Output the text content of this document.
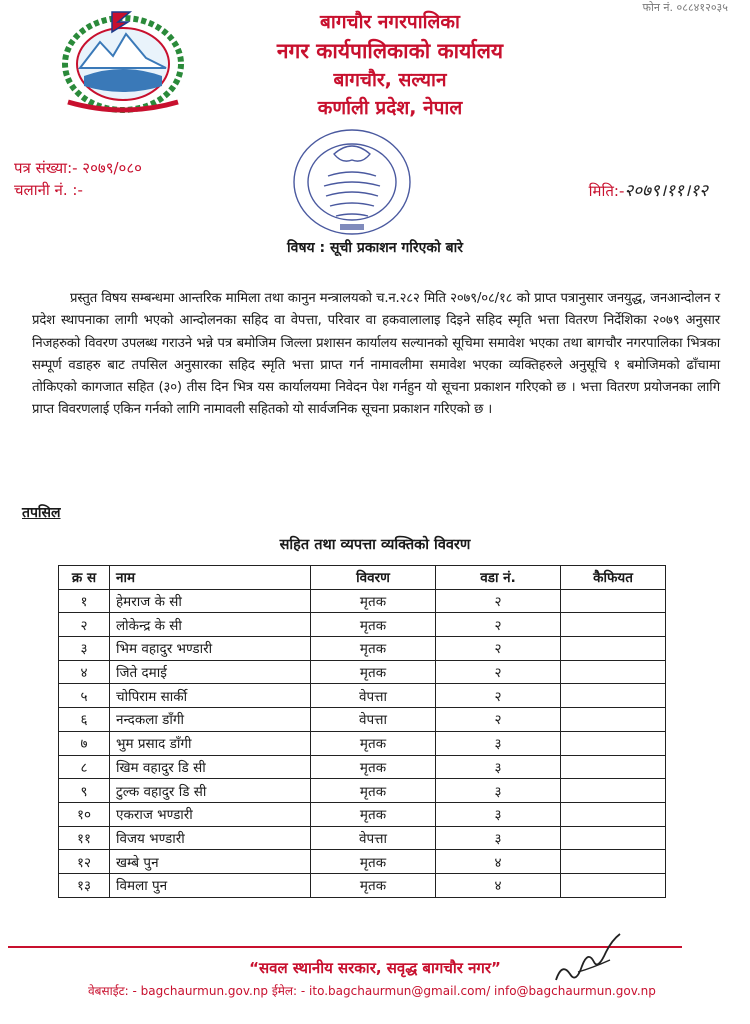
फोन नं. ०८८४१२०३५
बागचौर नगरपालिका
नगर कार्यपालिकाको कार्यालय
बागचौर, सल्यान
कर्णाली प्रदेश, नेपाल
पत्र संख्या:- २०७९/०८०
चलानी नं. :-	मिति:-२०७९।११।१२
विषय : सूची प्रकाशन गरिएको बारे
प्रस्तुत विषय सम्बन्धमा आन्तरिक मामिला तथा कानुन मन्त्रालयको च.न.२८२ मिति २०७९/०८/१८ को प्राप्त पत्रानुसार जनयुद्ध, जनआन्दोलन र प्रदेश स्थापनाका लागी भएको आन्दोलनका सहिद वा वेपत्ता, परिवार वा हकवालालाइ दिइने सहिद स्मृति भत्ता वितरण निर्देशिका २०७९ अनुसार निजहरुको विवरण उपलब्ध गराउने भन्ने पत्र बमोजिम जिल्ला प्रशासन कार्यालय सल्यानको सूचिमा समावेश भएका तथा बागचौर नगरपालिका भित्रका सम्पूर्ण वडाहरु बाट तपसिल अनुसारका सहिद स्मृति भत्ता प्राप्त गर्न नामावलीमा समावेश भएका व्यक्तिहरुले अनुसूचि १ बमोजिमको ढाँचामा तोकिएको कागजात सहित (३०) तीस दिन भित्र यस कार्यालयमा निवेदन पेश गर्नहुन यो सूचना प्रकाशन गरिएको छ । भत्ता वितरण प्रयोजनका लागि प्राप्त विवरणलाई एकिन गर्नको लागि नामावली सहितको यो सार्वजनिक सूचना प्रकाशन गरिएको छ ।
तपसिल
सहित तथा व्यपत्ता व्यक्तिको विवरण
क्र स	नाम	विवरण	वडा नं.	कैफियत
१	हेमराज के सी	मृतक	२	
२	लोकेन्द्र के सी	मृतक	२	
३	भिम वहादुर भण्डारी	मृतक	२	
४	जिते दमाई	मृतक	२	
५	चोपिराम सार्की	वेपत्ता	२	
६	नन्दकला डाँगी	वेपत्ता	२	
७	भुम प्रसाद डाँगी	मृतक	३	
८	खिम वहादुर डि सी	मृतक	३	
९	टुल्क वहादुर डि सी	मृतक	३	
१०	एकराज भण्डारी	मृतक	३	
११	विजय भण्डारी	वेपत्ता	३	
१२	खम्बे पुन	मृतक	४	
१३	विमला पुन	मृतक	४	
“सवल स्थानीय सरकार, सवृद्ध बागचौर नगर”
वेबसाईट: - bagchaurmun.gov.np ईमेल: - ito.bagchaurmun@gmail.com/ info@bagchaurmun.gov.np
